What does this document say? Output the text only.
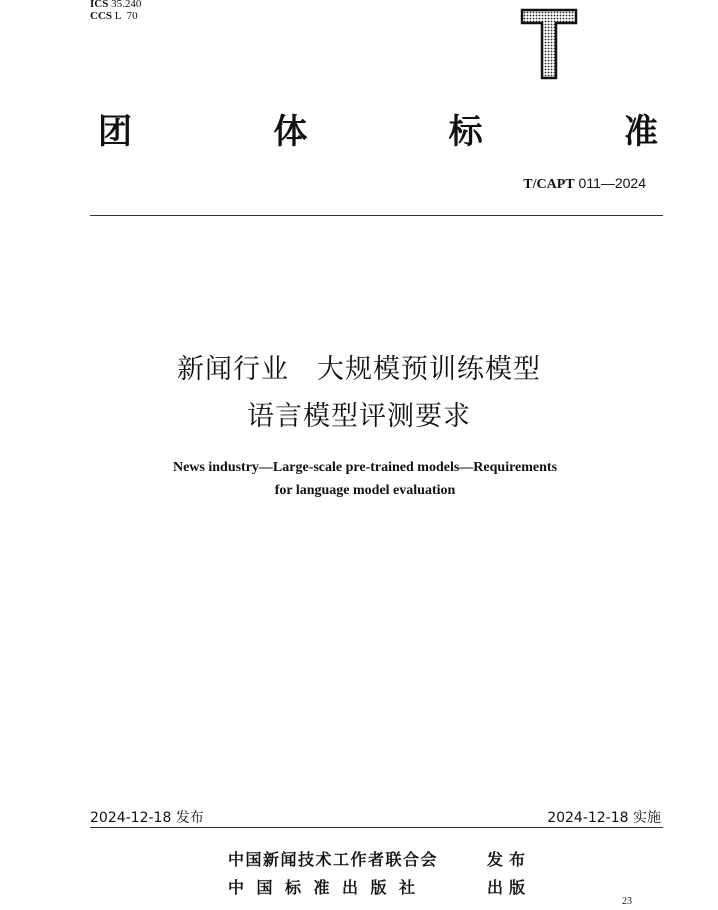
ICS 35.240
CCS L  70
团	体	标	准
T/CAPT 011—2024
新闻行业　大规模预训练模型
语言模型评测要求
News industry—Large-scale pre-trained models—Requirements
for language model evaluation
2024-12-18 发布	2024-12-18 实施
中国新闻技术工作者联合会	发布
中国标准出版社	出版
23
